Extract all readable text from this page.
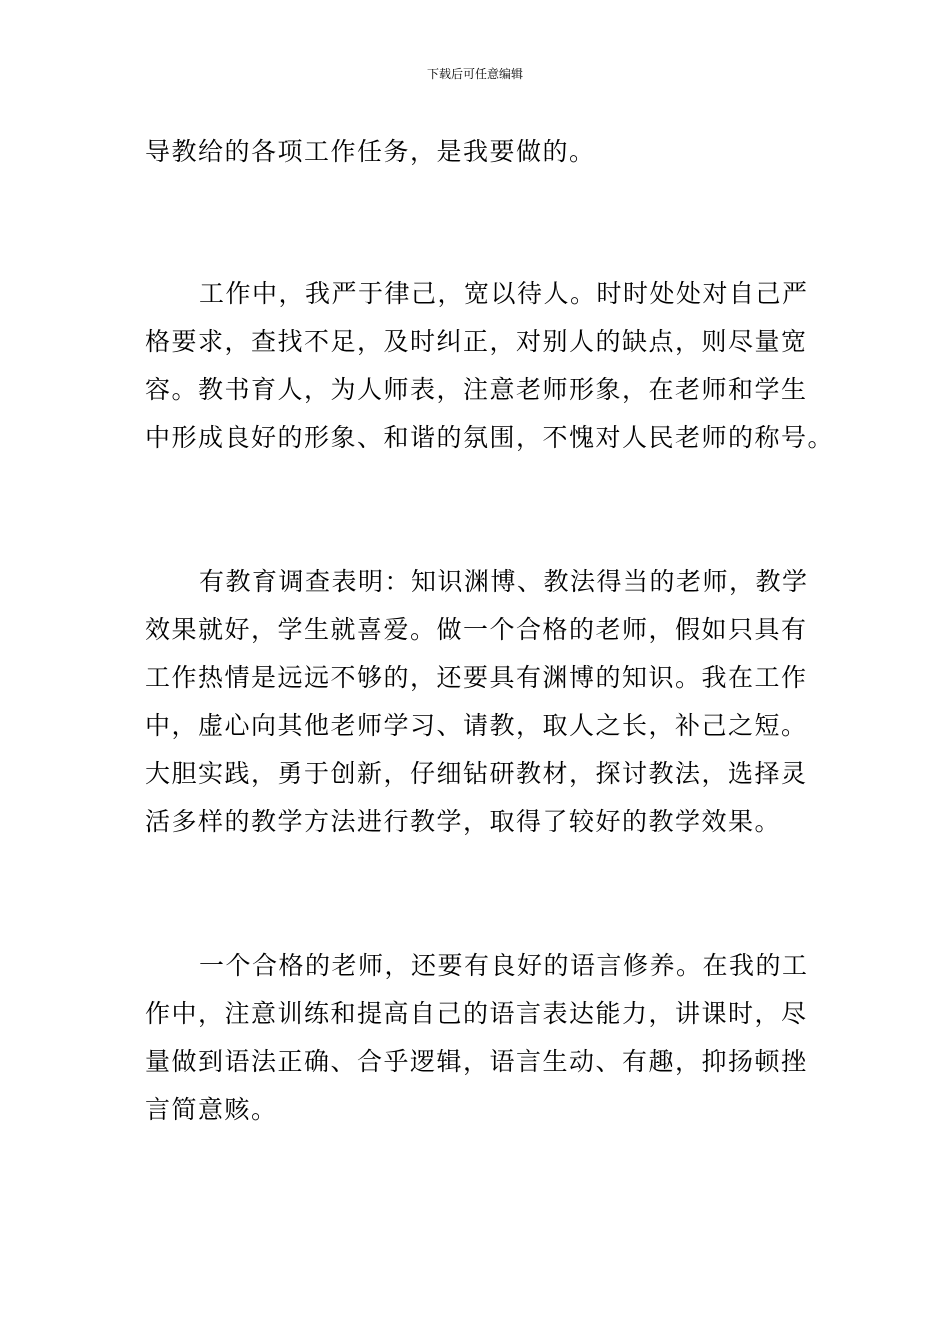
下载后可任意编辑

导教给的各项工作任务，是我要做的。

工作中，我严于律己，宽以待人。时时处处对自己严
格要求，查找不足，及时纠正，对别人的缺点，则尽量宽
容。教书育人，为人师表，注意老师形象，在老师和学生
中形成良好的形象、和谐的氛围，不愧对人民老师的称号。

有教育调查表明：知识渊博、教法得当的老师，教学
效果就好，学生就喜爱。做一个合格的老师，假如只具有
工作热情是远远不够的，还要具有渊博的知识。我在工作
中，虚心向其他老师学习、请教，取人之长，补己之短。
大胆实践，勇于创新，仔细钻研教材，探讨教法，选择灵
活多样的教学方法进行教学，取得了较好的教学效果。

一个合格的老师，还要有良好的语言修养。在我的工
作中，注意训练和提高自己的语言表达能力，讲课时，尽
量做到语法正确、合乎逻辑，语言生动、有趣，抑扬顿挫
言简意赅。
